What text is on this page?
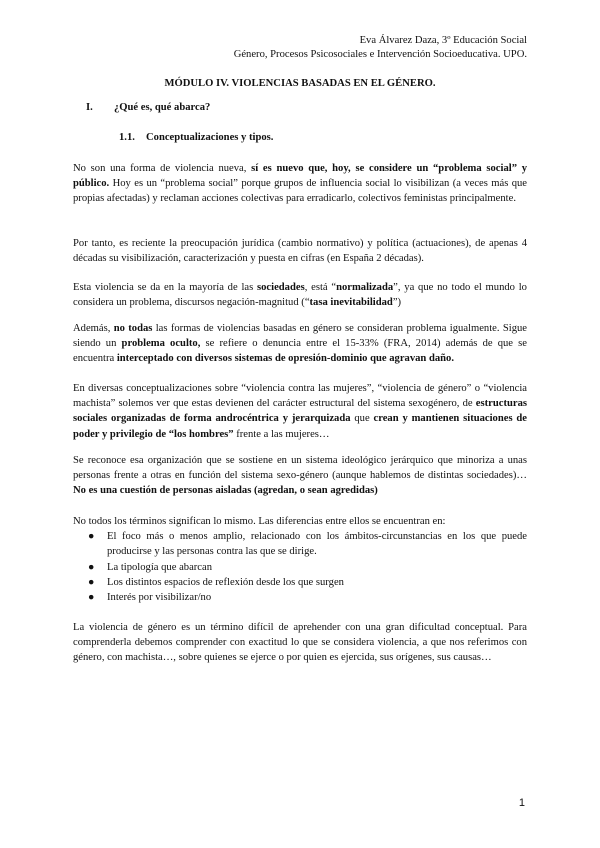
Eva Álvarez Daza, 3º Educación Social
Género, Procesos Psicosociales e Intervención Socioeducativa. UPO.
MÓDULO IV. VIOLENCIAS BASADAS EN EL GÉNERO.
I. ¿Qué es, qué abarca?
1.1. Conceptualizaciones y tipos.

No son una forma de violencia nueva, sí es nuevo que, hoy, se considere un “problema social” y público. Hoy es un “problema social” porque grupos de influencia social lo visibilizan (a veces más que propias afectadas) y reclaman acciones colectivas para erradicarlo, colectivos feministas principalmente.

Por tanto, es reciente la preocupación jurídica (cambio normativo) y política (actuaciones), de apenas 4 décadas su visibilización, caracterización y puesta en cifras (en España 2 décadas).

Esta violencia se da en la mayoría de las sociedades, está “normalizada”, ya que no todo el mundo lo considera un problema, discursos negación-magnitud (“tasa inevitabilidad”)

Además, no todas las formas de violencias basadas en género se consideran problema igualmente. Sigue siendo un problema oculto, se refiere o denuncia entre el 15-33% (FRA, 2014) además de que se encuentra interceptado con diversos sistemas de opresión-dominio que agravan daño.

En diversas conceptualizaciones sobre “violencia contra las mujeres”, “violencia de género” o “violencia machista” solemos ver que estas devienen del carácter estructural del sistema sexogénero, de estructuras sociales organizadas de forma androcéntrica y jerarquizada que crean y mantienen situaciones de poder y privilegio de “los hombres” frente a las mujeres…

Se reconoce esa organización que se sostiene en un sistema ideológico jerárquico que minoriza a unas personas frente a otras en función del sistema sexo-género (aunque hablemos de distintas sociedades)… No es una cuestión de personas aisladas (agredan, o sean agredidas)

No todos los términos significan lo mismo. Las diferencias entre ellos se encuentran en:

● El foco más o menos amplio, relacionado con los ámbitos-circunstancias en los que puede producirse y las personas contra las que se dirige.
● La tipología que abarcan
● Los distintos espacios de reflexión desde los que surgen
● Interés por visibilizar/no

La violencia de género es un término difícil de aprehender con una gran dificultad conceptual. Para comprenderla debemos comprender con exactitud lo que se considera violencia, a que nos referimos con género, con machista…, sobre quienes se ejerce o por quien es ejercida, sus orígenes, sus causas…

1
